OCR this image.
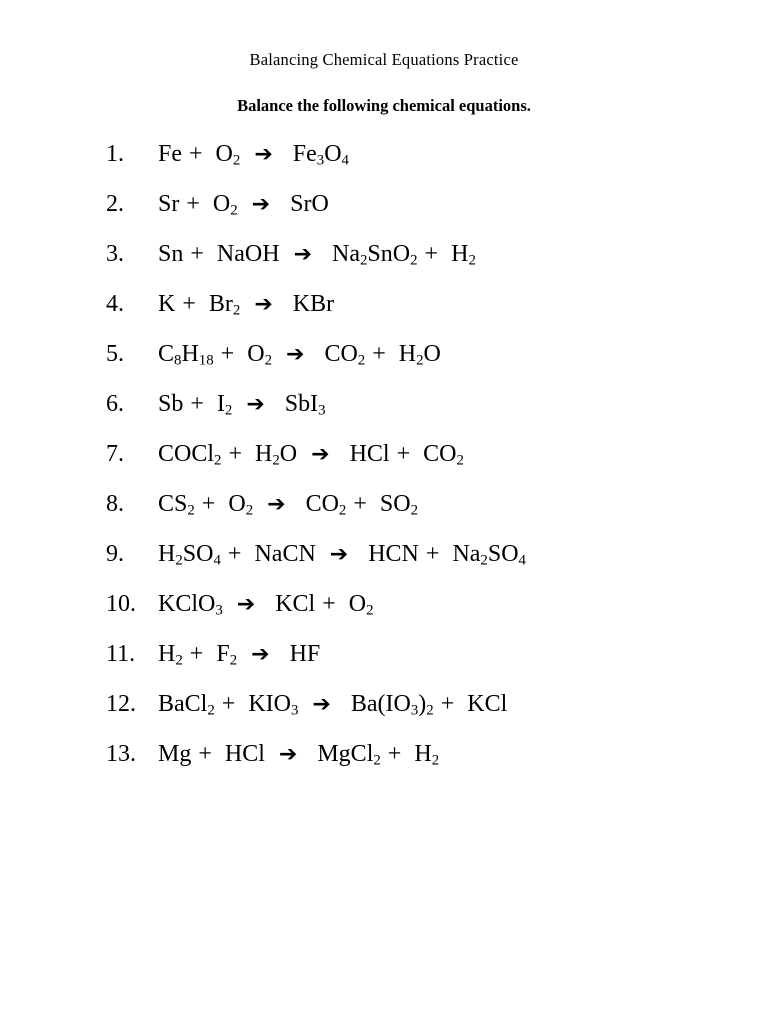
Balancing Chemical Equations Practice
Balance the following chemical equations.
1.	$Fe + O_2$ ➔   $Fe_3O_4$
2.	$Sr + O_2$ ➔   SrO
3.	Sn +  NaOH  ➔   $Na_2SnO_2 + H_2$
4.	$K + Br_2$ ➔   KBr
5.	$C_8H_{18} + O_2$ ➔   $CO_2 + H_2O$
6.	$Sb + I_2$ ➔   SbI$_3$
7.	COCl$_2$ +  $H_2O$  ➔   HCl +  $CO_2$
8.	$CS_2 + O_2$ ➔   $CO_2 + SO_2$
9.	$H_2SO_4$ +  NaCN  ➔   HCN +  $Na_2SO_4$
10. KClO$_3$ ➔   KCl +  $O_2$
11. $H_2 + F_2$ ➔   HF
12. BaCl$_2$ +  $KIO_3$ ➔   $Ba(IO_3)_2$ +  KCl
13. Mg +  HCl  ➔   MgCl$_2$ +  $H_2$
